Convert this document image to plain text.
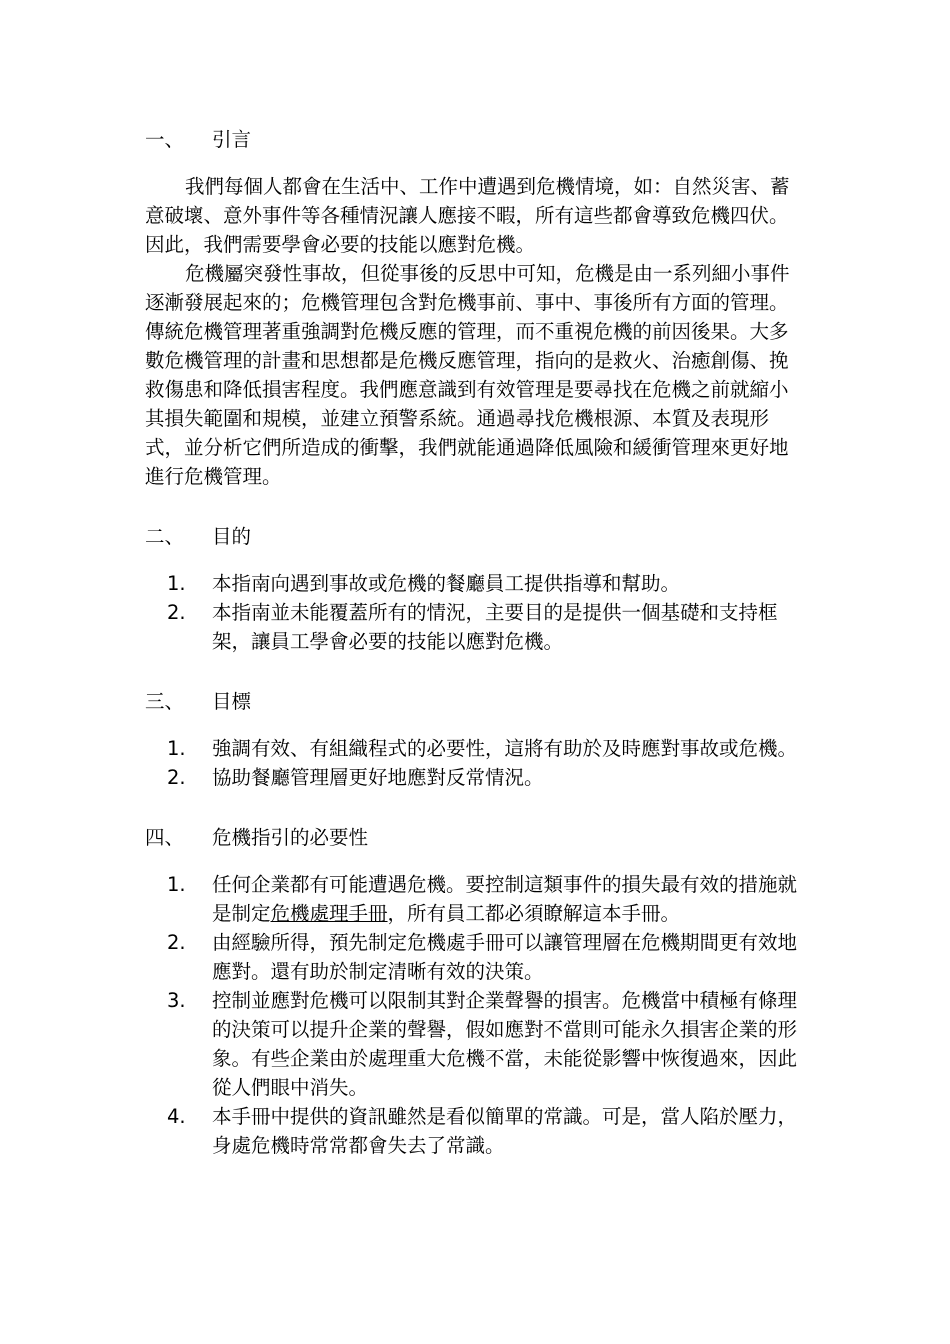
一、	引言

我們每個人都會在生活中、工作中遭遇到危機情境，如：自然災害、蓄意破壞、意外事件等各種情況讓人應接不暇，所有這些都會導致危機四伏。因此，我們需要學會必要的技能以應對危機。

危機屬突發性事故，但從事後的反思中可知，危機是由一系列細小事件逐漸發展起來的；危機管理包含對危機事前、事中、事後所有方面的管理。傳統危機管理著重強調對危機反應的管理，而不重視危機的前因後果。大多數危機管理的計畫和思想都是危機反應管理，指向的是救火、治癒創傷、挽救傷患和降低損害程度。我們應意識到有效管理是要尋找在危機之前就縮小其損失範圍和規模，並建立預警系統。通過尋找危機根源、本質及表現形式，並分析它們所造成的衝擊，我們就能通過降低風險和緩衝管理來更好地進行危機管理。

二、	目的
1.	本指南向遇到事故或危機的餐廳員工提供指導和幫助。
2.	本指南並未能覆蓋所有的情況，主要目的是提供一個基礎和支持框架，讓員工學會必要的技能以應對危機。
三、	目標
1.	強調有效、有組織程式的必要性，這將有助於及時應對事故或危機。
2.	協助餐廳管理層更好地應對反常情況。
四、	危機指引的必要性
1.	任何企業都有可能遭遇危機。要控制這類事件的損失最有效的措施就是制定危機處理手冊，所有員工都必須瞭解這本手冊。
2.	由經驗所得，預先制定危機處手冊可以讓管理層在危機期間更有效地應對。還有助於制定清晰有效的決策。
3.	控制並應對危機可以限制其對企業聲譽的損害。危機當中積極有條理的決策可以提升企業的聲譽，假如應對不當則可能永久損害企業的形象。有些企業由於處理重大危機不當，未能從影響中恢復過來，因此從人們眼中消失。
4.	本手冊中提供的資訊雖然是看似簡單的常識。可是，當人陷於壓力，身處危機時常常都會失去了常識。
